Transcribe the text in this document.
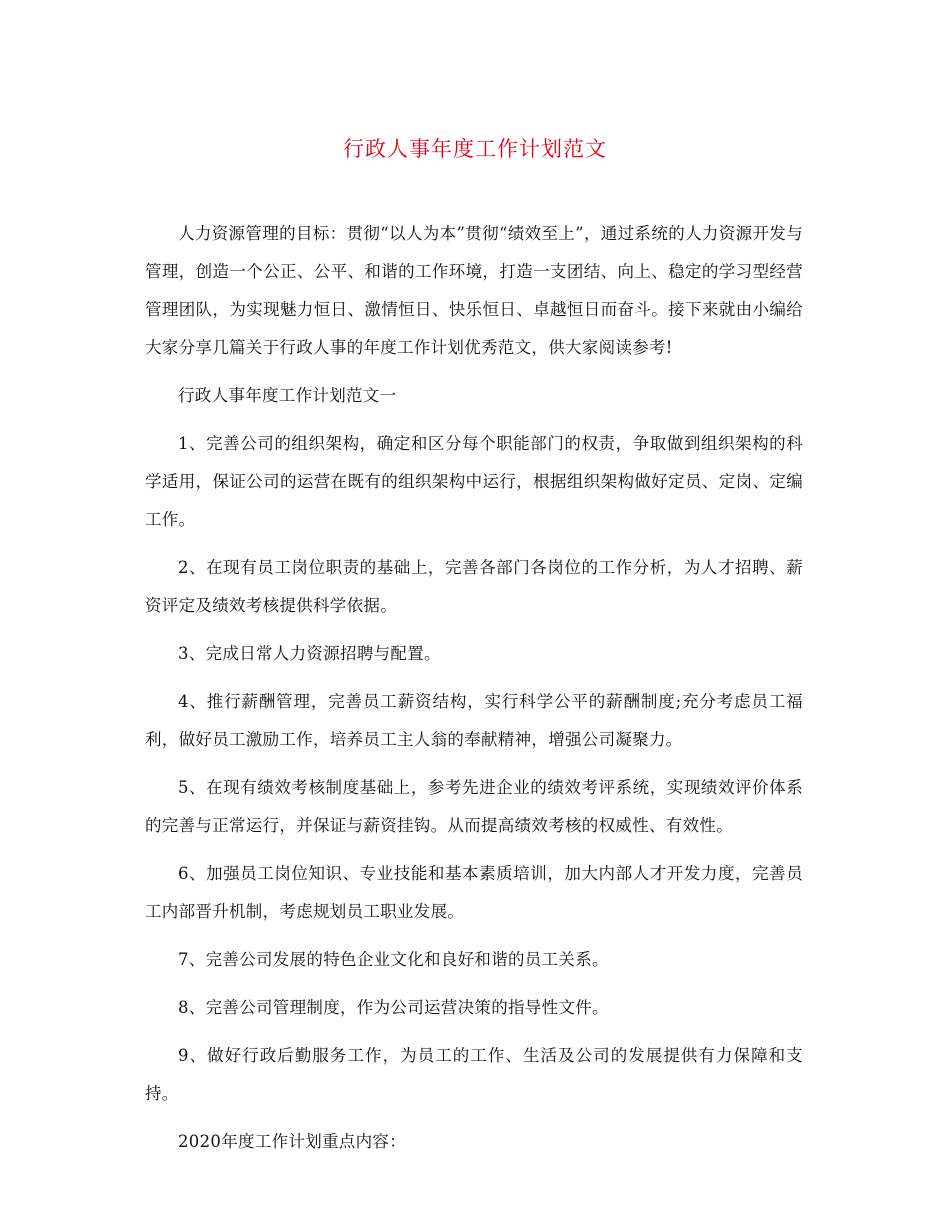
行政人事年度工作计划范文

人力资源管理的目标：贯彻“以人为本”贯彻“绩效至上”，通过系统的人力资源开发与管理，创造一个公正、公平、和谐的工作环境，打造一支团结、向上、稳定的学习型经营管理团队，为实现魅力恒日、激情恒日、快乐恒日、卓越恒日而奋斗。接下来就由小编给大家分享几篇关于行政人事的年度工作计划优秀范文，供大家阅读参考!

行政人事年度工作计划范文一

1、完善公司的组织架构，确定和区分每个职能部门的权责，争取做到组织架构的科学适用，保证公司的运营在既有的组织架构中运行，根据组织架构做好定员、定岗、定编工作。

2、在现有员工岗位职责的基础上，完善各部门各岗位的工作分析，为人才招聘、薪资评定及绩效考核提供科学依据。

3、完成日常人力资源招聘与配置。

4、推行薪酬管理，完善员工薪资结构，实行科学公平的薪酬制度;充分考虑员工福利，做好员工激励工作，培养员工主人翁的奉献精神，增强公司凝聚力。

5、在现有绩效考核制度基础上，参考先进企业的绩效考评系统，实现绩效评价体系的完善与正常运行，并保证与薪资挂钩。从而提高绩效考核的权威性、有效性。

6、加强员工岗位知识、专业技能和基本素质培训，加大内部人才开发力度，完善员工内部晋升机制，考虑规划员工职业发展。

7、完善公司发展的特色企业文化和良好和谐的员工关系。

8、完善公司管理制度，作为公司运营决策的指导性文件。

9、做好行政后勤服务工作，为员工的工作、生活及公司的发展提供有力保障和支持。

2020年度工作计划重点内容：
